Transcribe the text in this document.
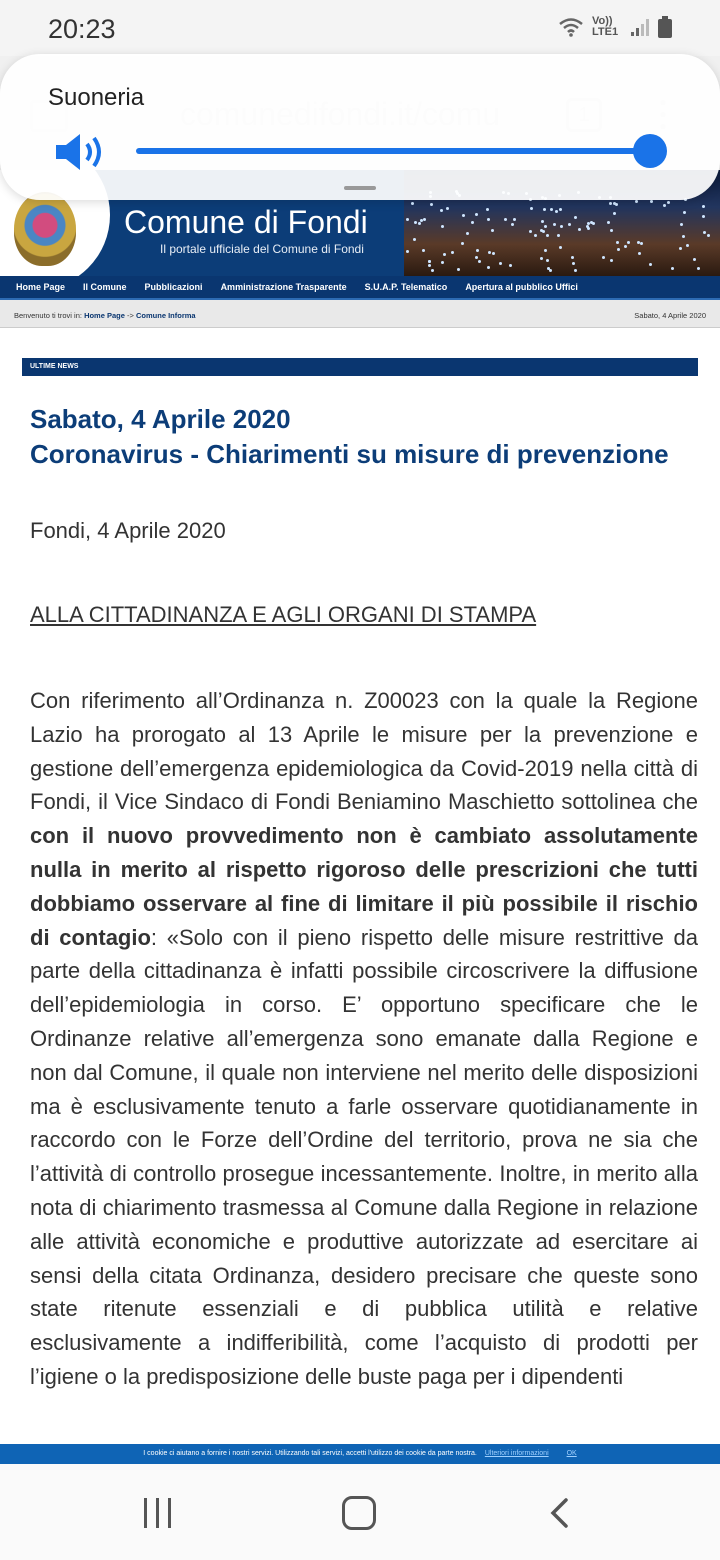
20:23	Vo)) LTE1

Comune di Fondi
Il portale ufficiale del Comune di Fondi
Suoneria
Home Page Il Comune Pubblicazioni Amministrazione Trasparente S.U.A.P. Telematico Apertura al pubblico Uffici
Benvenuto ti trovi in: Home Page -> Comune Informa	Sabato, 4 Aprile 2020
ULTIME NEWS
Sabato, 4 Aprile 2020
Coronavirus - Chiarimenti su misure di prevenzione
Fondi, 4 Aprile 2020
ALLA CITTADINANZA E AGLI ORGANI DI STAMPA
Con riferimento all’Ordinanza n. Z00023 con la quale la Regione Lazio ha prorogato al 13 Aprile le misure per la prevenzione e gestione dell’emergenza epidemiologica da Covid-2019 nella città di Fondi, il Vice Sindaco di Fondi Beniamino Maschietto sottolinea che con il nuovo provvedimento non è cambiato assolutamente nulla in merito al rispetto rigoroso delle prescrizioni che tutti dobbiamo osservare al fine di limitare il più possibile il rischio di contagio: «Solo con il pieno rispetto delle misure restrittive da parte della cittadinanza è infatti possibile circoscrivere la diffusione dell’epidemiologia in corso. E’ opportuno specificare che le Ordinanze relative all’emergenza sono emanate dalla Regione e non dal Comune, il quale non interviene nel merito delle disposizioni ma è esclusivamente tenuto a farle osservare quotidianamente in raccordo con le Forze dell’Ordine del territorio, prova ne sia che l’attività di controllo prosegue incessantemente. Inoltre, in merito alla nota di chiarimento trasmessa al Comune dalla Regione in relazione alle attività economiche e produttive autorizzate ad esercitare ai sensi della citata Ordinanza, desidero precisare che queste sono state ritenute essenziali e di pubblica utilità e relative esclusivamente a indifferibilità, come l’acquisto di prodotti per l’igiene o la predisposizione delle buste paga per i dipendenti
I cookie ci aiutano a fornire i nostri servizi. Utilizzando tali servizi, accetti l'utilizzo dei cookie da parte nostra. Ulteriori informazioni	OK
